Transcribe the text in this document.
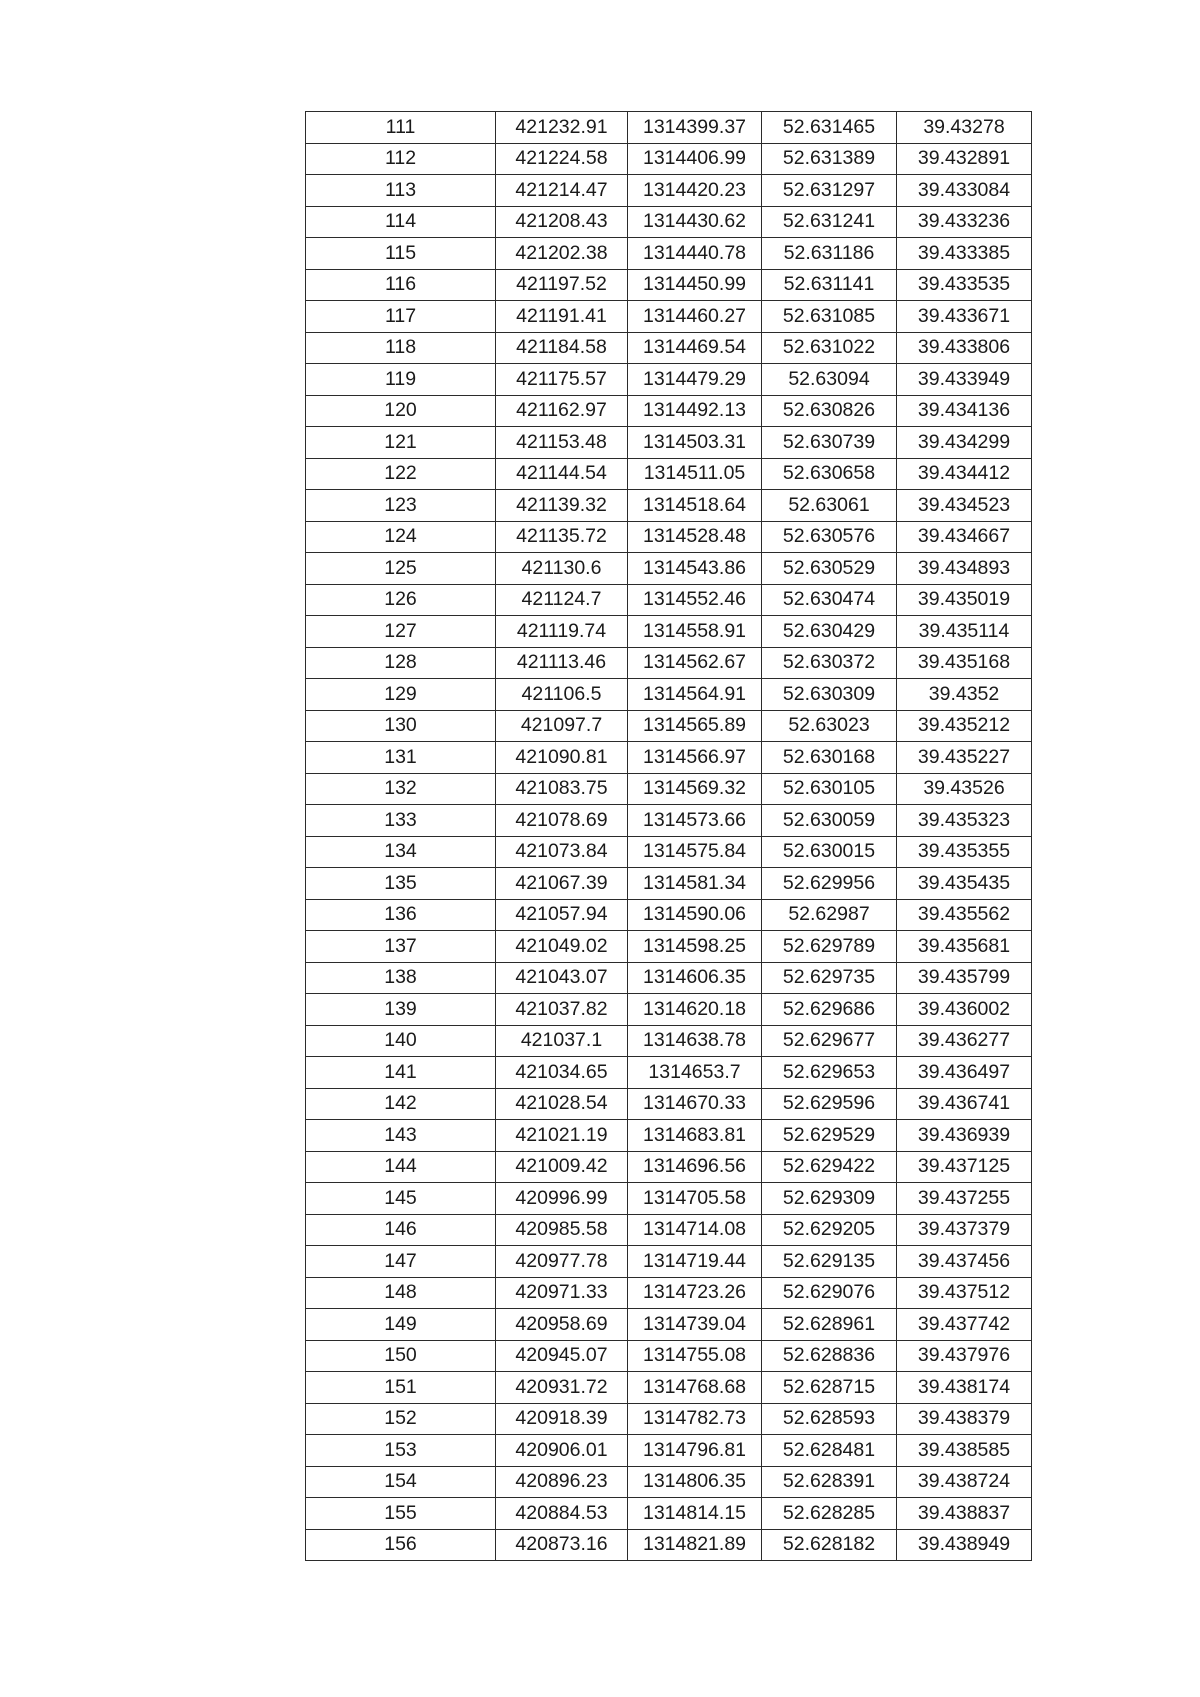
111	421232.91	1314399.37	52.631465	39.43278
112	421224.58	1314406.99	52.631389	39.432891
113	421214.47	1314420.23	52.631297	39.433084
114	421208.43	1314430.62	52.631241	39.433236
115	421202.38	1314440.78	52.631186	39.433385
116	421197.52	1314450.99	52.631141	39.433535
117	421191.41	1314460.27	52.631085	39.433671
118	421184.58	1314469.54	52.631022	39.433806
119	421175.57	1314479.29	52.63094	39.433949
120	421162.97	1314492.13	52.630826	39.434136
121	421153.48	1314503.31	52.630739	39.434299
122	421144.54	1314511.05	52.630658	39.434412
123	421139.32	1314518.64	52.63061	39.434523
124	421135.72	1314528.48	52.630576	39.434667
125	421130.6	1314543.86	52.630529	39.434893
126	421124.7	1314552.46	52.630474	39.435019
127	421119.74	1314558.91	52.630429	39.435114
128	421113.46	1314562.67	52.630372	39.435168
129	421106.5	1314564.91	52.630309	39.4352
130	421097.7	1314565.89	52.63023	39.435212
131	421090.81	1314566.97	52.630168	39.435227
132	421083.75	1314569.32	52.630105	39.43526
133	421078.69	1314573.66	52.630059	39.435323
134	421073.84	1314575.84	52.630015	39.435355
135	421067.39	1314581.34	52.629956	39.435435
136	421057.94	1314590.06	52.62987	39.435562
137	421049.02	1314598.25	52.629789	39.435681
138	421043.07	1314606.35	52.629735	39.435799
139	421037.82	1314620.18	52.629686	39.436002
140	421037.1	1314638.78	52.629677	39.436277
141	421034.65	1314653.7	52.629653	39.436497
142	421028.54	1314670.33	52.629596	39.436741
143	421021.19	1314683.81	52.629529	39.436939
144	421009.42	1314696.56	52.629422	39.437125
145	420996.99	1314705.58	52.629309	39.437255
146	420985.58	1314714.08	52.629205	39.437379
147	420977.78	1314719.44	52.629135	39.437456
148	420971.33	1314723.26	52.629076	39.437512
149	420958.69	1314739.04	52.628961	39.437742
150	420945.07	1314755.08	52.628836	39.437976
151	420931.72	1314768.68	52.628715	39.438174
152	420918.39	1314782.73	52.628593	39.438379
153	420906.01	1314796.81	52.628481	39.438585
154	420896.23	1314806.35	52.628391	39.438724
155	420884.53	1314814.15	52.628285	39.438837
156	420873.16	1314821.89	52.628182	39.438949
